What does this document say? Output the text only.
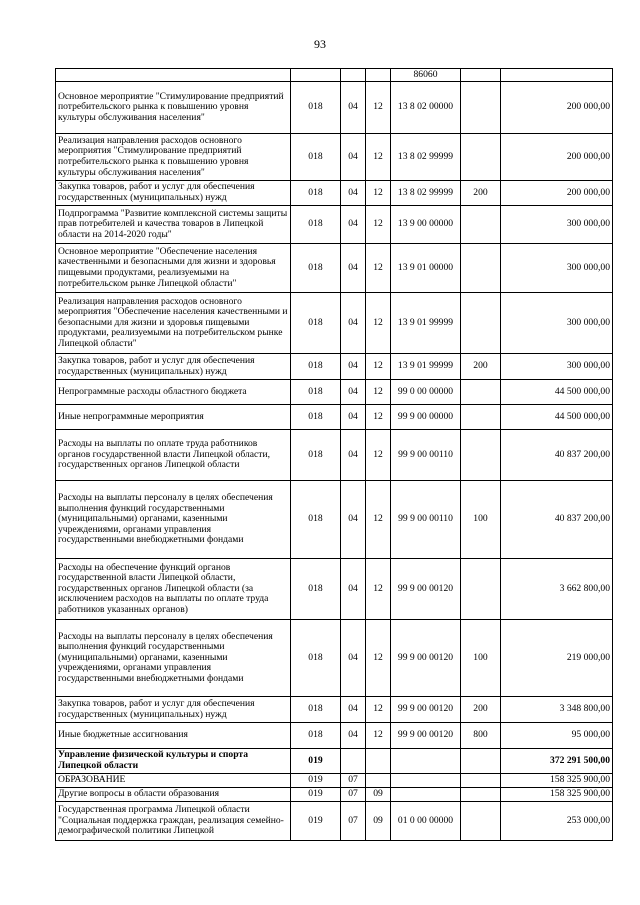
93
				86060		
Основное мероприятие "Стимулирование предприятий потребительского рынка к повышению уровня культуры обслуживания населения"	018	04	12	13 8 02 00000		200 000,00
Реализация направления расходов основного мероприятия "Стимулирование предприятий потребительского рынка к повышению уровня культуры обслуживания населения"	018	04	12	13 8 02 99999		200 000,00
Закупка товаров, работ и услуг для обеспечения государственных (муниципальных) нужд	018	04	12	13 8 02 99999	200	200 000,00
Подпрограмма "Развитие комплексной системы защиты прав потребителей и качества товаров в Липецкой области на 2014-2020 годы"	018	04	12	13 9 00 00000		300 000,00
Основное мероприятие "Обеспечение населения качественными и безопасными для жизни и здоровья пищевыми продуктами, реализуемыми на потребительском рынке Липецкой области"	018	04	12	13 9 01 00000		300 000,00
Реализация направления расходов основного мероприятия "Обеспечение населения качественными и безопасными для жизни и здоровья пищевыми продуктами, реализуемыми на потребительском рынке Липецкой области"	018	04	12	13 9 01 99999		300 000,00
Закупка товаров, работ и услуг для обеспечения государственных (муниципальных) нужд	018	04	12	13 9 01 99999	200	300 000,00
Непрограммные расходы областного бюджета	018	04	12	99 0 00 00000		44 500 000,00
Иные непрограммные мероприятия	018	04	12	99 9 00 00000		44 500 000,00
Расходы на выплаты по оплате труда работников органов государственной власти Липецкой области, государственных органов Липецкой области	018	04	12	99 9 00 00110		40 837 200,00
Расходы на выплаты персоналу в целях обеспечения выполнения функций государственными (муниципальными) органами, казенными учреждениями, органами управления государственными внебюджетными фондами	018	04	12	99 9 00 00110	100	40 837 200,00
Расходы на обеспечение функций органов государственной власти Липецкой области, государственных органов Липецкой области (за исключением расходов на выплаты по оплате труда работников указанных органов)	018	04	12	99 9 00 00120		3 662 800,00
Расходы на выплаты персоналу в целях обеспечения выполнения функций государственными (муниципальными) органами, казенными учреждениями, органами управления государственными внебюджетными фондами	018	04	12	99 9 00 00120	100	219 000,00
Закупка товаров, работ и услуг для обеспечения государственных (муниципальных) нужд	018	04	12	99 9 00 00120	200	3 348 800,00
Иные бюджетные ассигнования	018	04	12	99 9 00 00120	800	95 000,00
Управление физической культуры и спорта Липецкой области	019					372 291 500,00
ОБРАЗОВАНИЕ	019	07				158 325 900,00
Другие вопросы в области образования	019	07	09			158 325 900,00
Государственная программа Липецкой области "Социальная поддержка граждан, реализация семейно-демографической политики Липецкой	019	07	09	01 0 00 00000		253 000,00
